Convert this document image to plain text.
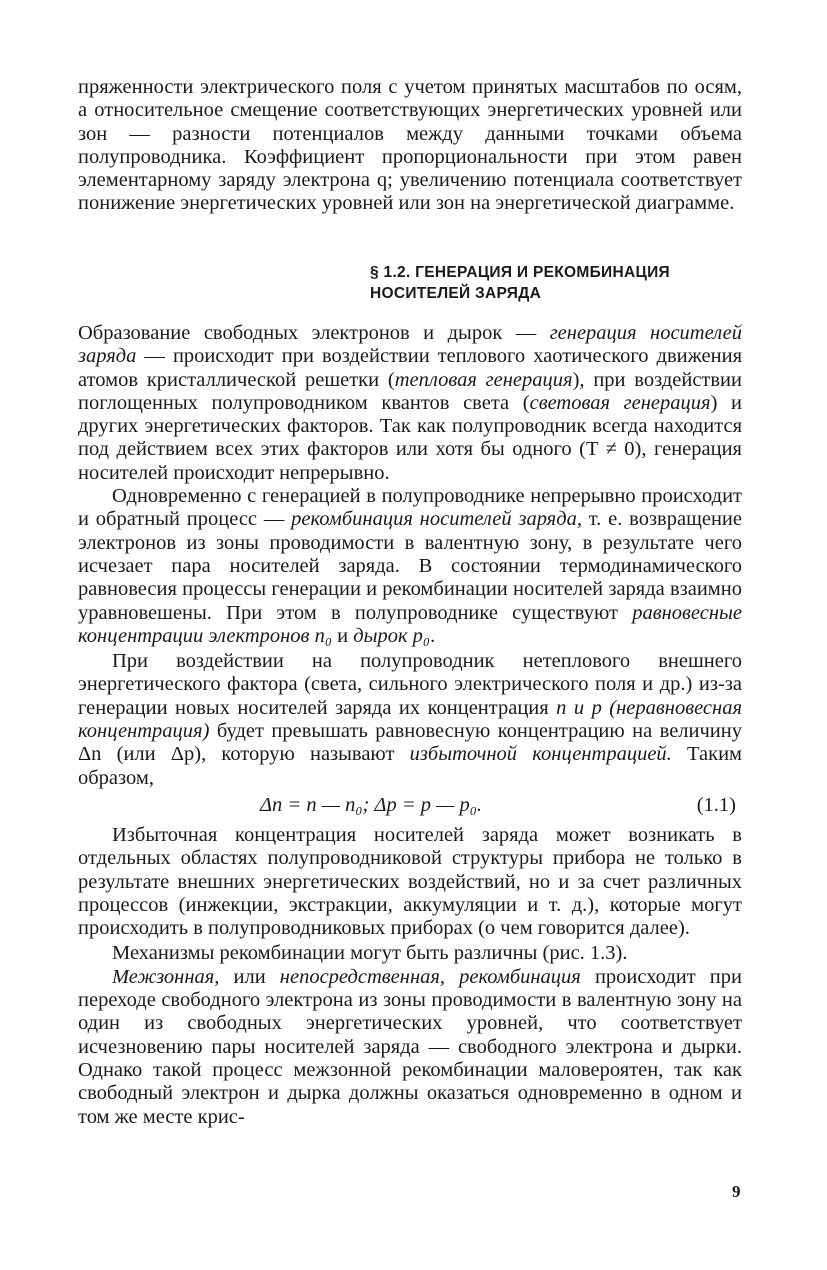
пряженности электрического поля с учетом принятых масштабов по осям, а относительное смещение соответствующих энергетических уровней или зон — разности потенциалов между данными точками объема полупроводника. Коэффициент пропорциональности при этом равен элементарному заряду электрона q; увеличению потенциала соответствует понижение энергетических уровней или зон на энергетической диаграмме.

§ 1.2. ГЕНЕРАЦИЯ И РЕКОМБИНАЦИЯ
НОСИТЕЛЕЙ ЗАРЯДА

Образование свободных электронов и дырок — генерация носителей заряда — происходит при воздействии теплового хаотического движения атомов кристаллической решетки (тепловая генерация), при воздействии поглощенных полупроводником квантов света (световая генерация) и других энергетических факторов. Так как полупроводник всегда находится под действием всех этих факторов или хотя бы одного (T ≠ 0), генерация носителей происходит непрерывно.

Одновременно с генерацией в полупроводнике непрерывно происходит и обратный процесс — рекомбинация носителей заряда, т. е. возвращение электронов из зоны проводимости в валентную зону, в результате чего исчезает пара носителей заряда. В состоянии термодинамического равновесия процессы генерации и рекомбинации носителей заряда взаимно уравновешены. При этом в полупроводнике существуют равновесные концентрации электронов n₀ и дырок p₀.

При воздействии на полупроводник нетеплового внешнего энергетического фактора (света, сильного электрического поля и др.) из-за генерации новых носителей заряда их концентрация n и p (неравновесная концентрация) будет превышать равновесную концентрацию на величину Δn (или Δp), которую называют избыточной концентрацией. Таким образом,

Δn = n — n₀; Δp = p — p₀.	(1.1)

Избыточная концентрация носителей заряда может возникать в отдельных областях полупроводниковой структуры прибора не только в результате внешних энергетических воздействий, но и за счет различных процессов (инжекции, экстракции, аккумуляции и т. д.), которые могут происходить в полупроводниковых приборах (о чем говорится далее).

Механизмы рекомбинации могут быть различны (рис. 1.3).

Межзонная, или непосредственная, рекомбинация происходит при переходе свободного электрона из зоны проводимости в валентную зону на один из свободных энергетических уровней, что соответствует исчезновению пары носителей заряда — свободного электрона и дырки. Однако такой процесс межзонной рекомбинации маловероятен, так как свободный электрон и дырка должны оказаться одновременно в одном и том же месте крис-

9
